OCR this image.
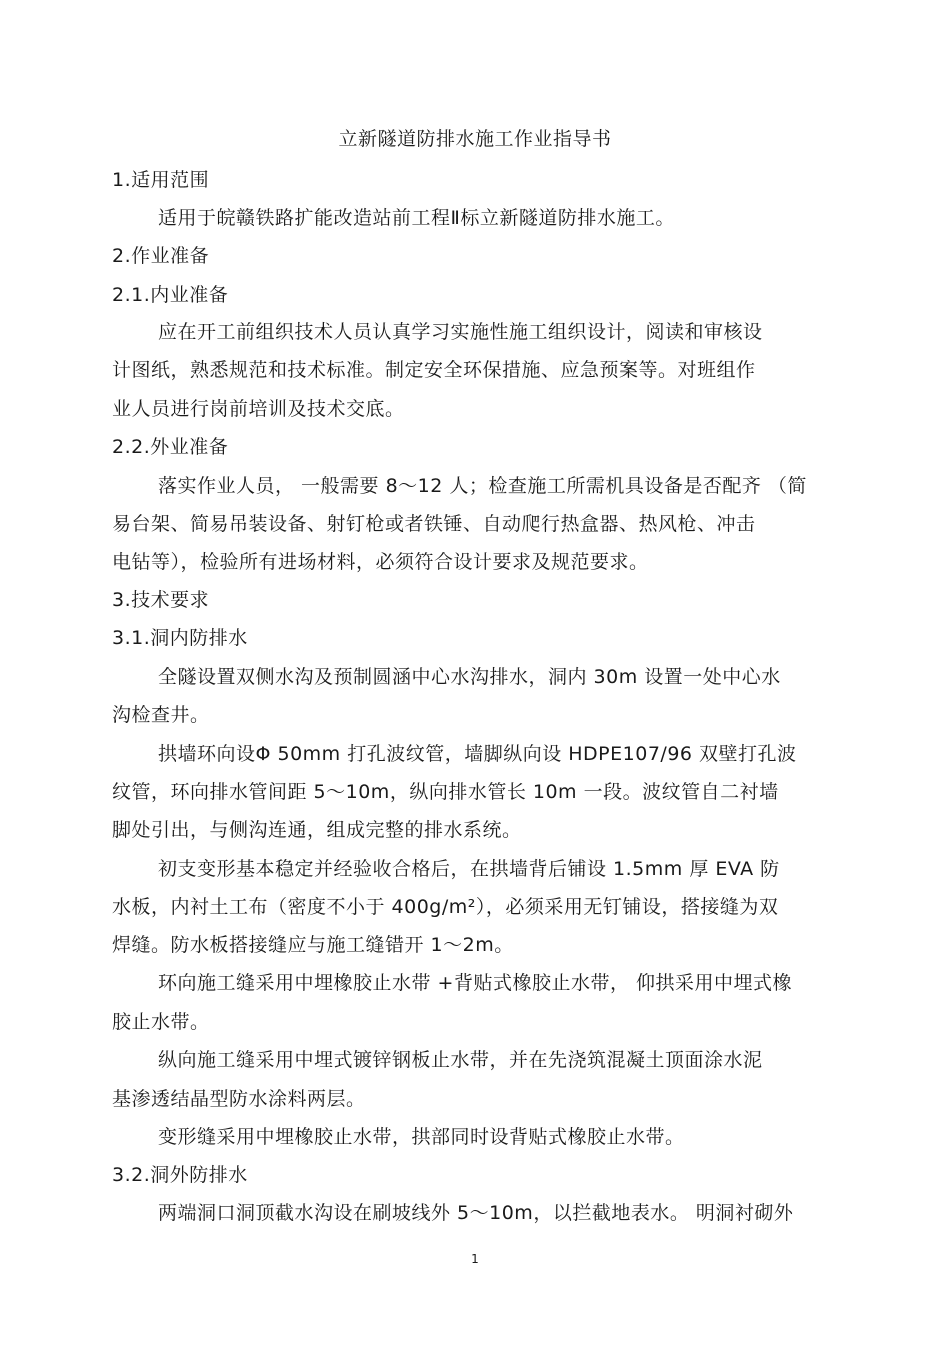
立新隧道防排水施工作业指导书
1.适用范围
适用于皖赣铁路扩能改造站前工程Ⅱ标立新隧道防排水施工。
2.作业准备
2.1.内业准备
应在开工前组织技术人员认真学习实施性施工组织设计，阅读和审核设
计图纸，熟悉规范和技术标准。制定安全环保措施、应急预案等。对班组作
业人员进行岗前培训及技术交底。
2.2.外业准备
落实作业人员， 一般需要 8～12 人；检查施工所需机具设备是否配齐 （简
易台架、简易吊装设备、射钉枪或者铁锤、自动爬行热盒器、热风枪、冲击
电钻等），检验所有进场材料，必须符合设计要求及规范要求。
3.技术要求
3.1.洞内防排水
全隧设置双侧水沟及预制圆涵中心水沟排水，洞内 30m 设置一处中心水
沟检查井。
拱墙环向设Φ 50mm 打孔波纹管，墙脚纵向设 HDPE107/96 双壁打孔波
纹管，环向排水管间距 5～10m，纵向排水管长 10m 一段。波纹管自二衬墙
脚处引出，与侧沟连通，组成完整的排水系统。
初支变形基本稳定并经验收合格后，在拱墙背后铺设 1.5mm 厚 EVA 防
水板，内衬土工布（密度不小于 400g/m²），必须采用无钉铺设，搭接缝为双
焊缝。防水板搭接缝应与施工缝错开 1～2m。
环向施工缝采用中埋橡胶止水带 +背贴式橡胶止水带， 仰拱采用中埋式橡
胶止水带。
纵向施工缝采用中埋式镀锌钢板止水带，并在先浇筑混凝土顶面涂水泥
基渗透结晶型防水涂料两层。
变形缝采用中埋橡胶止水带，拱部同时设背贴式橡胶止水带。
3.2.洞外防排水
两端洞口洞顶截水沟设在刷坡线外 5～10m，以拦截地表水。 明洞衬砌外
1
